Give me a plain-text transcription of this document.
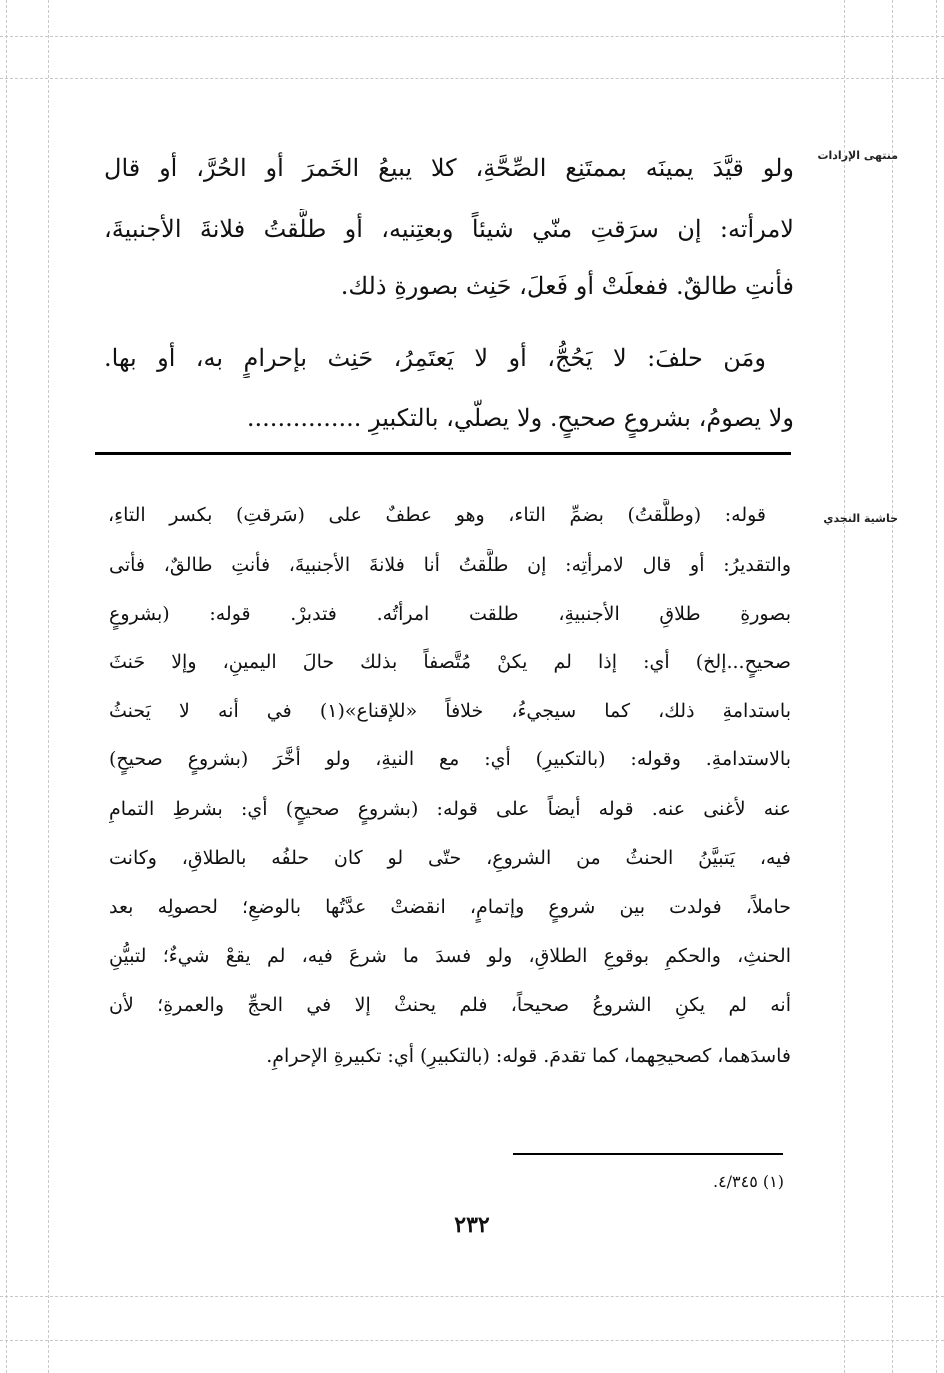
منتهى الإرادات
حاشية النجدي
ولو قيَّدَ يمينَه بممتَنِع الصِّحَّةِ، كلا يبيعُ الخَمرَ أو الحُرَّ، أو قال
لامرأته: إن سرَقتِ منّي شيئاً وبعتِنيه، أو طلَّقتُ فلانةَ الأجنبيةَ،
فأنتِ طالقٌ. ففعلَتْ أو فَعلَ، حَنِث بصورةِ ذلك.
ومَن حلفَ: لا يَحُجُّ، أو لا يَعتَمِرُ، حَنِث بإحرامٍ به، أو بها.
ولا يصومُ، بشروعٍ صحيحٍ. ولا يصلّي، بالتكبيرِ ...............
قوله: (وطلَّقتُ) بضمِّ التاء، وهو عطفٌ على (سَرقتِ) بكسر التاءِ،
والتقديرُ: أو قال لامرأتِه: إن طلَّقتُ أنا فلانةَ الأجنبيةَ، فأنتِ طالقٌ، فأتى
بصورةِ طلاقِ الأجنبيةِ، طلقت امرأتُه. فتدبرْ. قوله: (بشروعٍ
صحيحٍ...إلخ) أي: إذا لم يكنْ مُتَّصفاً بذلك حالَ اليمينِ، وإلا حَنثَ
باستدامةِ ذلك، كما سيجيءُ، خلافاً «للإقناع»(١) في أنه لا يَحنثُ
بالاستدامةِ. وقوله: (بالتكبيرِ) أي: مع النيةِ، ولو أخَّرَ (بشروعٍ صحيحٍ)
عنه لأغنى عنه. قوله أيضاً على قوله: (بشروعٍ صحيحٍ) أي: بشرطِ التمامِ
فيه، يَتبيَّنُ الحنثُ من الشروعِ، حتّى لو كان حلفُه بالطلاقِ، وكانت
حاملاً، فولدت بين شروعٍ وإتمامٍ، انقضتْ عدَّتُها بالوضعِ؛ لحصولِه بعد
الحنثِ، والحكمِ بوقوعِ الطلاقِ، ولو فسدَ ما شرعَ فيه، لم يقعْ شيءٌ؛ لتبيُّنِ
أنه لم يكنِ الشروعُ صحيحاً، فلم يحنثْ إلا في الحجِّ والعمرةِ؛ لأن
فاسدَهما، كصحيحِهما، كما تقدمَ. قوله: (بالتكبيرِ) أي: تكبيرةِ الإحرامِ.
(١) ٤/٣٤٥.
٢٣٢
